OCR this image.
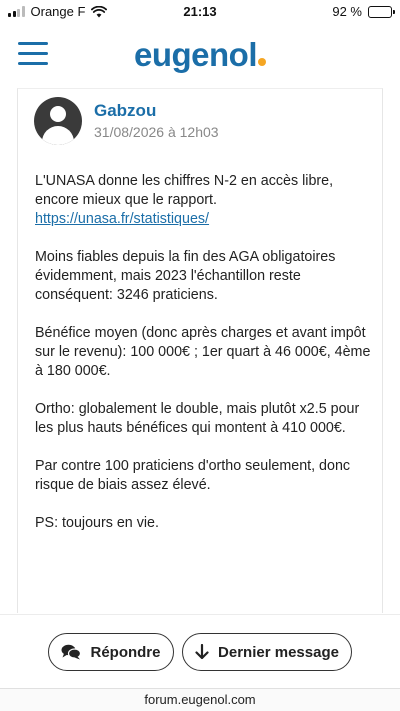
Orange F	21:13	92 %
eugenol
Gabzou
31/08/2026 à 12h03

L'UNASA donne les chiffres N-2 en accès libre, encore mieux que le rapport.
https://unasa.fr/statistiques/

Moins fiables depuis la fin des AGA obligatoires évidemment, mais 2023 l'échantillon reste conséquent: 3246 praticiens.

Bénéfice moyen (donc après charges et avant impôt sur le revenu): 100 000€ ; 1er quart à 46 000€, 4ème à 180 000€.

Ortho: globalement le double, mais plutôt x2.5 pour les plus hauts bénéfices qui montent à 410 000€.

Par contre 100 praticiens d'ortho seulement, donc risque de biais assez élevé.

PS: toujours en vie.

Répondre	Dernier message
forum.eugenol.com
